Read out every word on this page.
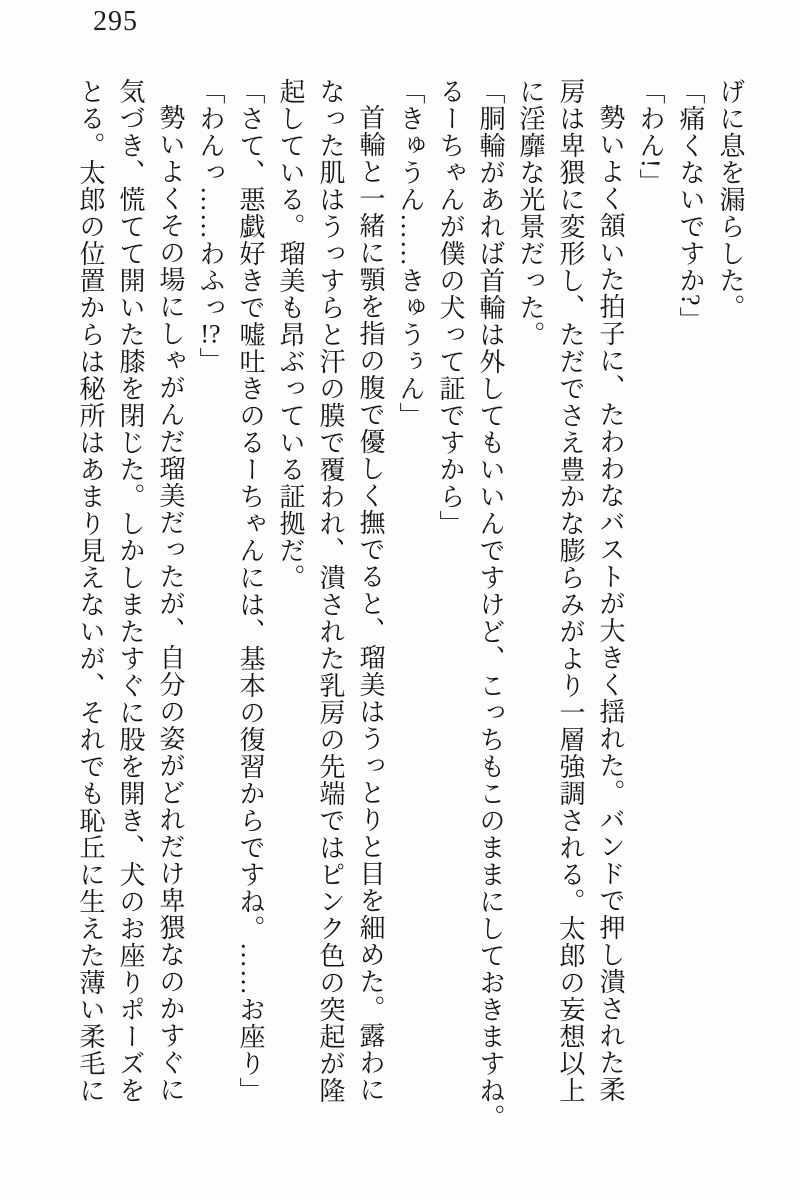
295
げに息を漏らした。
「痛くないですか?」
「わん!」
勢いよく頷いた拍子に、たわわなバストが大きく揺れた。バンドで押し潰された柔
房は卑猥に変形し、ただでさえ豊かな膨らみがより一層強調される。太郎の妄想以上
に淫靡な光景だった。
「胴輪があれば首輪は外してもいいんですけど、こっちもこのままにしておきますね。
るーちゃんが僕の犬って証ですから」
「きゅうん……きゅうぅん」
首輪と一緒に顎を指の腹で優しく撫でると、瑠美はうっとりと目を細めた。露わに
なった肌はうっすらと汗の膜で覆われ、潰された乳房の先端ではピンク色の突起が隆
起している。瑠美も昂ぶっている証拠だ。
「さて、悪戯好きで嘘吐きのるーちゃんには、基本の復習からですね。……お座り」
「わんっ……わふっ!?」
勢いよくその場にしゃがんだ瑠美だったが、自分の姿がどれだけ卑猥なのかすぐに
気づき、慌てて開いた膝を閉じた。しかしまたすぐに股を開き、犬のお座りポーズを
とる。太郎の位置からは秘所はあまり見えないが、それでも恥丘に生えた薄い柔毛に
